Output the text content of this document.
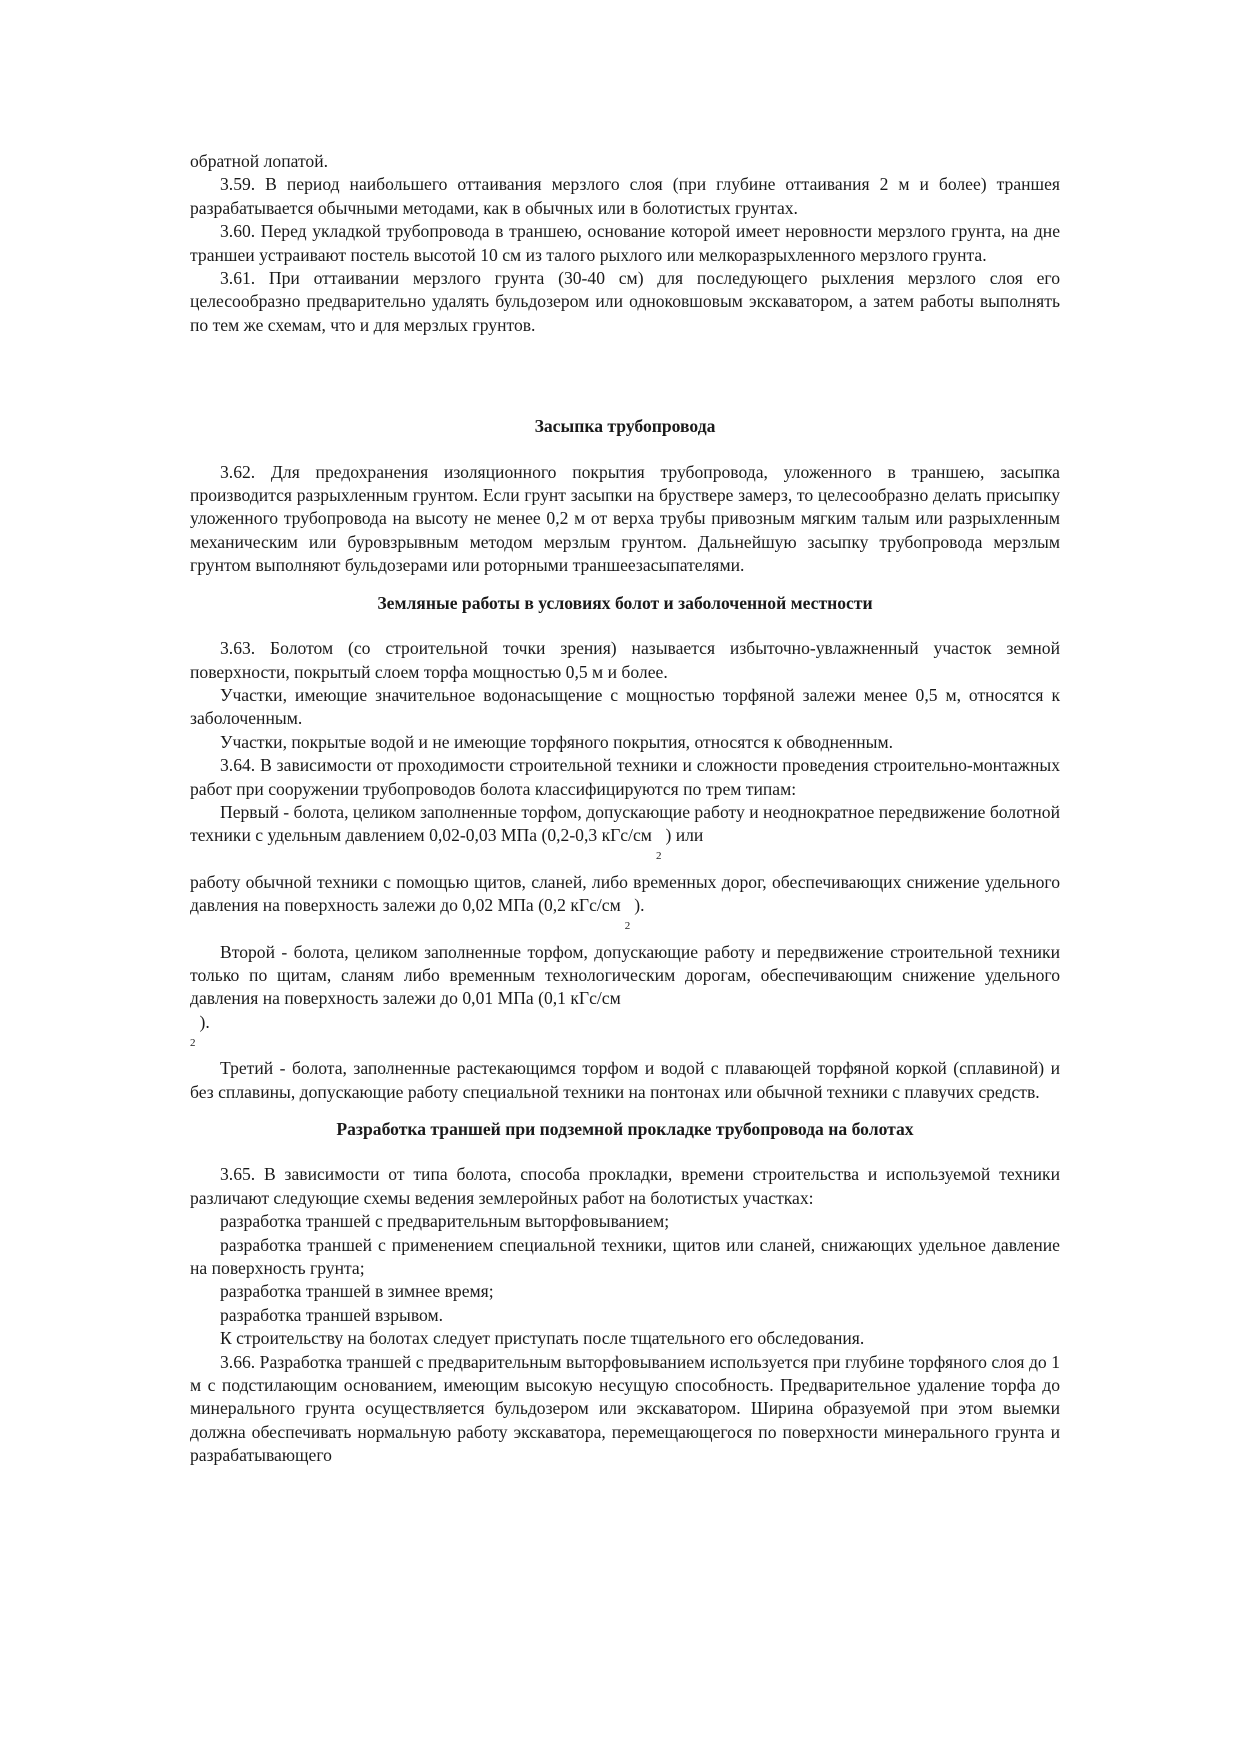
обратной лопатой.

3.59. В период наибольшего оттаивания мерзлого слоя (при глубине оттаивания 2 м и более) траншея разрабатывается обычными методами, как в обычных или в болотистых грунтах.

3.60. Перед укладкой трубопровода в траншею, основание которой имеет неровности мерзлого грунта, на дне траншеи устраивают постель высотой 10 см из талого рыхлого или мелкоразрыхленного мерзлого грунта.

3.61. При оттаивании мерзлого грунта (30-40 см) для последующего рыхления мерзлого слоя его целесообразно предварительно удалять бульдозером или одноковшовым экскаватором, а затем работы выполнять по тем же схемам, что и для мерзлых грунтов.

Засыпка трубопровода

3.62. Для предохранения изоляционного покрытия трубопровода, уложенного в траншею, засыпка производится разрыхленным грунтом. Если грунт засыпки на бруствере замерз, то целесообразно делать присыпку уложенного трубопровода на высоту не менее 0,2 м от верха трубы привозным мягким талым или разрыхленным механическим или буровзрывным методом мерзлым грунтом. Дальнейшую засыпку трубопровода мерзлым грунтом выполняют бульдозерами или роторными траншеезасыпателями.

Земляные работы в условиях болот и заболоченной местности

3.63. Болотом (со строительной точки зрения) называется избыточно-увлажненный участок земной поверхности, покрытый слоем торфа мощностью 0,5 м и более.

Участки, имеющие значительное водонасыщение с мощностью торфяной залежи менее 0,5 м, относятся к заболоченным.

Участки, покрытые водой и не имеющие торфяного покрытия, относятся к обводненным.

3.64. В зависимости от проходимости строительной техники и сложности проведения строительно-монтажных работ при сооружении трубопроводов болота классифицируются по трем типам:

Первый - болота, целиком заполненные торфом, допускающие работу и неоднократное передвижение болотной техники с удельным давлением 0,02-0,03 МПа (0,2-0,3 кГс/$см_2$) или

работу обычной техники с помощью щитов, сланей, либо временных дорог, обеспечивающих снижение удельного давления на поверхность залежи до 0,02 МПа (0,2 кГс/$см_2$).

Второй - болота, целиком заполненные торфом, допускающие работу и передвижение строительной техники только по щитам, сланям либо временным технологическим дорогам, обеспечивающим снижение удельного давления на поверхность залежи до 0,01 МПа (0,1 кГс/см
$_2$).

Третий - болота, заполненные растекающимся торфом и водой с плавающей торфяной коркой (сплавиной) и без сплавины, допускающие работу специальной техники на понтонах или обычной техники с плавучих средств.

Разработка траншей при подземной прокладке трубопровода на болотах

3.65. В зависимости от типа болота, способа прокладки, времени строительства и используемой техники различают следующие схемы ведения землеройных работ на болотистых участках:

разработка траншей с предварительным выторфовыванием;

разработка траншей с применением специальной техники, щитов или сланей, снижающих удельное давление на поверхность грунта;

разработка траншей в зимнее время;

разработка траншей взрывом.

К строительству на болотах следует приступать после тщательного его обследования.

3.66. Разработка траншей с предварительным выторфовыванием используется при глубине торфяного слоя до 1 м с подстилающим основанием, имеющим высокую несущую способность. Предварительное удаление торфа до минерального грунта осуществляется бульдозером или экскаватором. Ширина образуемой при этом выемки должна обеспечивать нормальную работу экскаватора, перемещающегося по поверхности минерального грунта и разрабатывающего
